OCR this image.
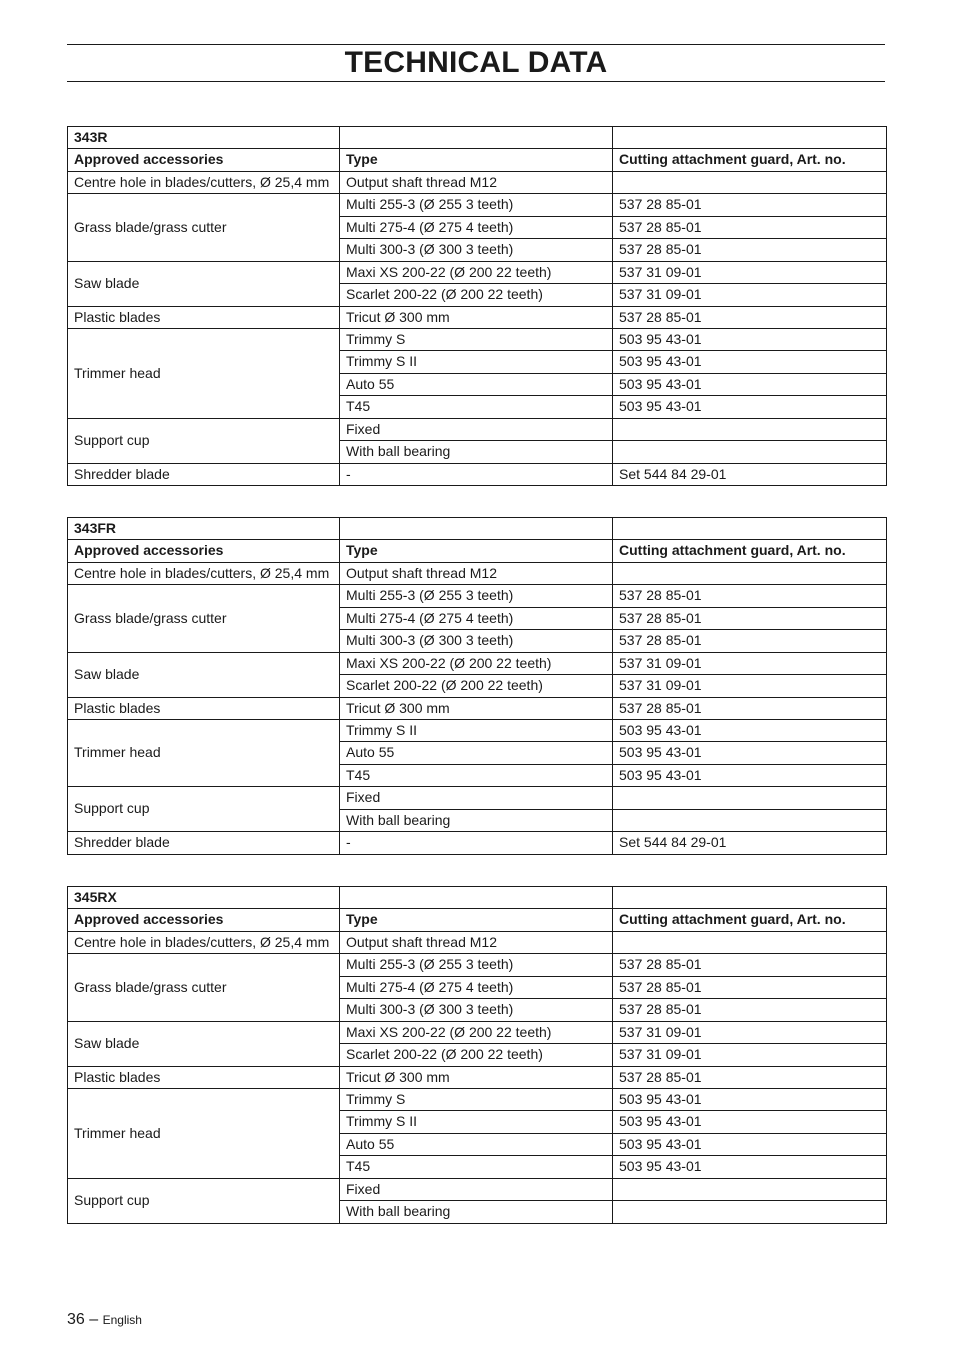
TECHNICAL DATA
343R		
Approved accessories	Type	Cutting attachment guard, Art. no.
Centre hole in blades/cutters, Ø 25,4 mm	Output shaft thread M12	
Grass blade/grass cutter	Multi 255-3 (Ø 255 3 teeth)	537 28 85-01
	Multi 275-4 (Ø 275 4 teeth)	537 28 85-01
	Multi 300-3 (Ø 300 3 teeth)	537 28 85-01
Saw blade	Maxi XS 200-22 (Ø 200 22 teeth)	537 31 09-01
	Scarlet 200-22 (Ø 200 22 teeth)	537 31 09-01
Plastic blades	Tricut Ø 300 mm	537 28 85-01
Trimmer head	Trimmy S	503 95 43-01
	Trimmy S II	503 95 43-01
	Auto 55	503 95 43-01
	T45	503 95 43-01
Support cup	Fixed	
	With ball bearing	
Shredder blade	-	Set 544 84 29-01
343FR		
Approved accessories	Type	Cutting attachment guard, Art. no.
Centre hole in blades/cutters, Ø 25,4 mm	Output shaft thread M12	
Grass blade/grass cutter	Multi 255-3 (Ø 255 3 teeth)	537 28 85-01
	Multi 275-4 (Ø 275 4 teeth)	537 28 85-01
	Multi 300-3 (Ø 300 3 teeth)	537 28 85-01
Saw blade	Maxi XS 200-22 (Ø 200 22 teeth)	537 31 09-01
	Scarlet 200-22 (Ø 200 22 teeth)	537 31 09-01
Plastic blades	Tricut Ø 300 mm	537 28 85-01
Trimmer head	Trimmy S II	503 95 43-01
	Auto 55	503 95 43-01
	T45	503 95 43-01
Support cup	Fixed	
	With ball bearing	
Shredder blade	-	Set 544 84 29-01
345RX		
Approved accessories	Type	Cutting attachment guard, Art. no.
Centre hole in blades/cutters, Ø 25,4 mm	Output shaft thread M12	
Grass blade/grass cutter	Multi 255-3 (Ø 255 3 teeth)	537 28 85-01
	Multi 275-4 (Ø 275 4 teeth)	537 28 85-01
	Multi 300-3 (Ø 300 3 teeth)	537 28 85-01
Saw blade	Maxi XS 200-22 (Ø 200 22 teeth)	537 31 09-01
	Scarlet 200-22 (Ø 200 22 teeth)	537 31 09-01
Plastic blades	Tricut Ø 300 mm	537 28 85-01
Trimmer head	Trimmy S	503 95 43-01
	Trimmy S II	503 95 43-01
	Auto 55	503 95 43-01
	T45	503 95 43-01
Support cup	Fixed	
	With ball bearing	
36 – English
